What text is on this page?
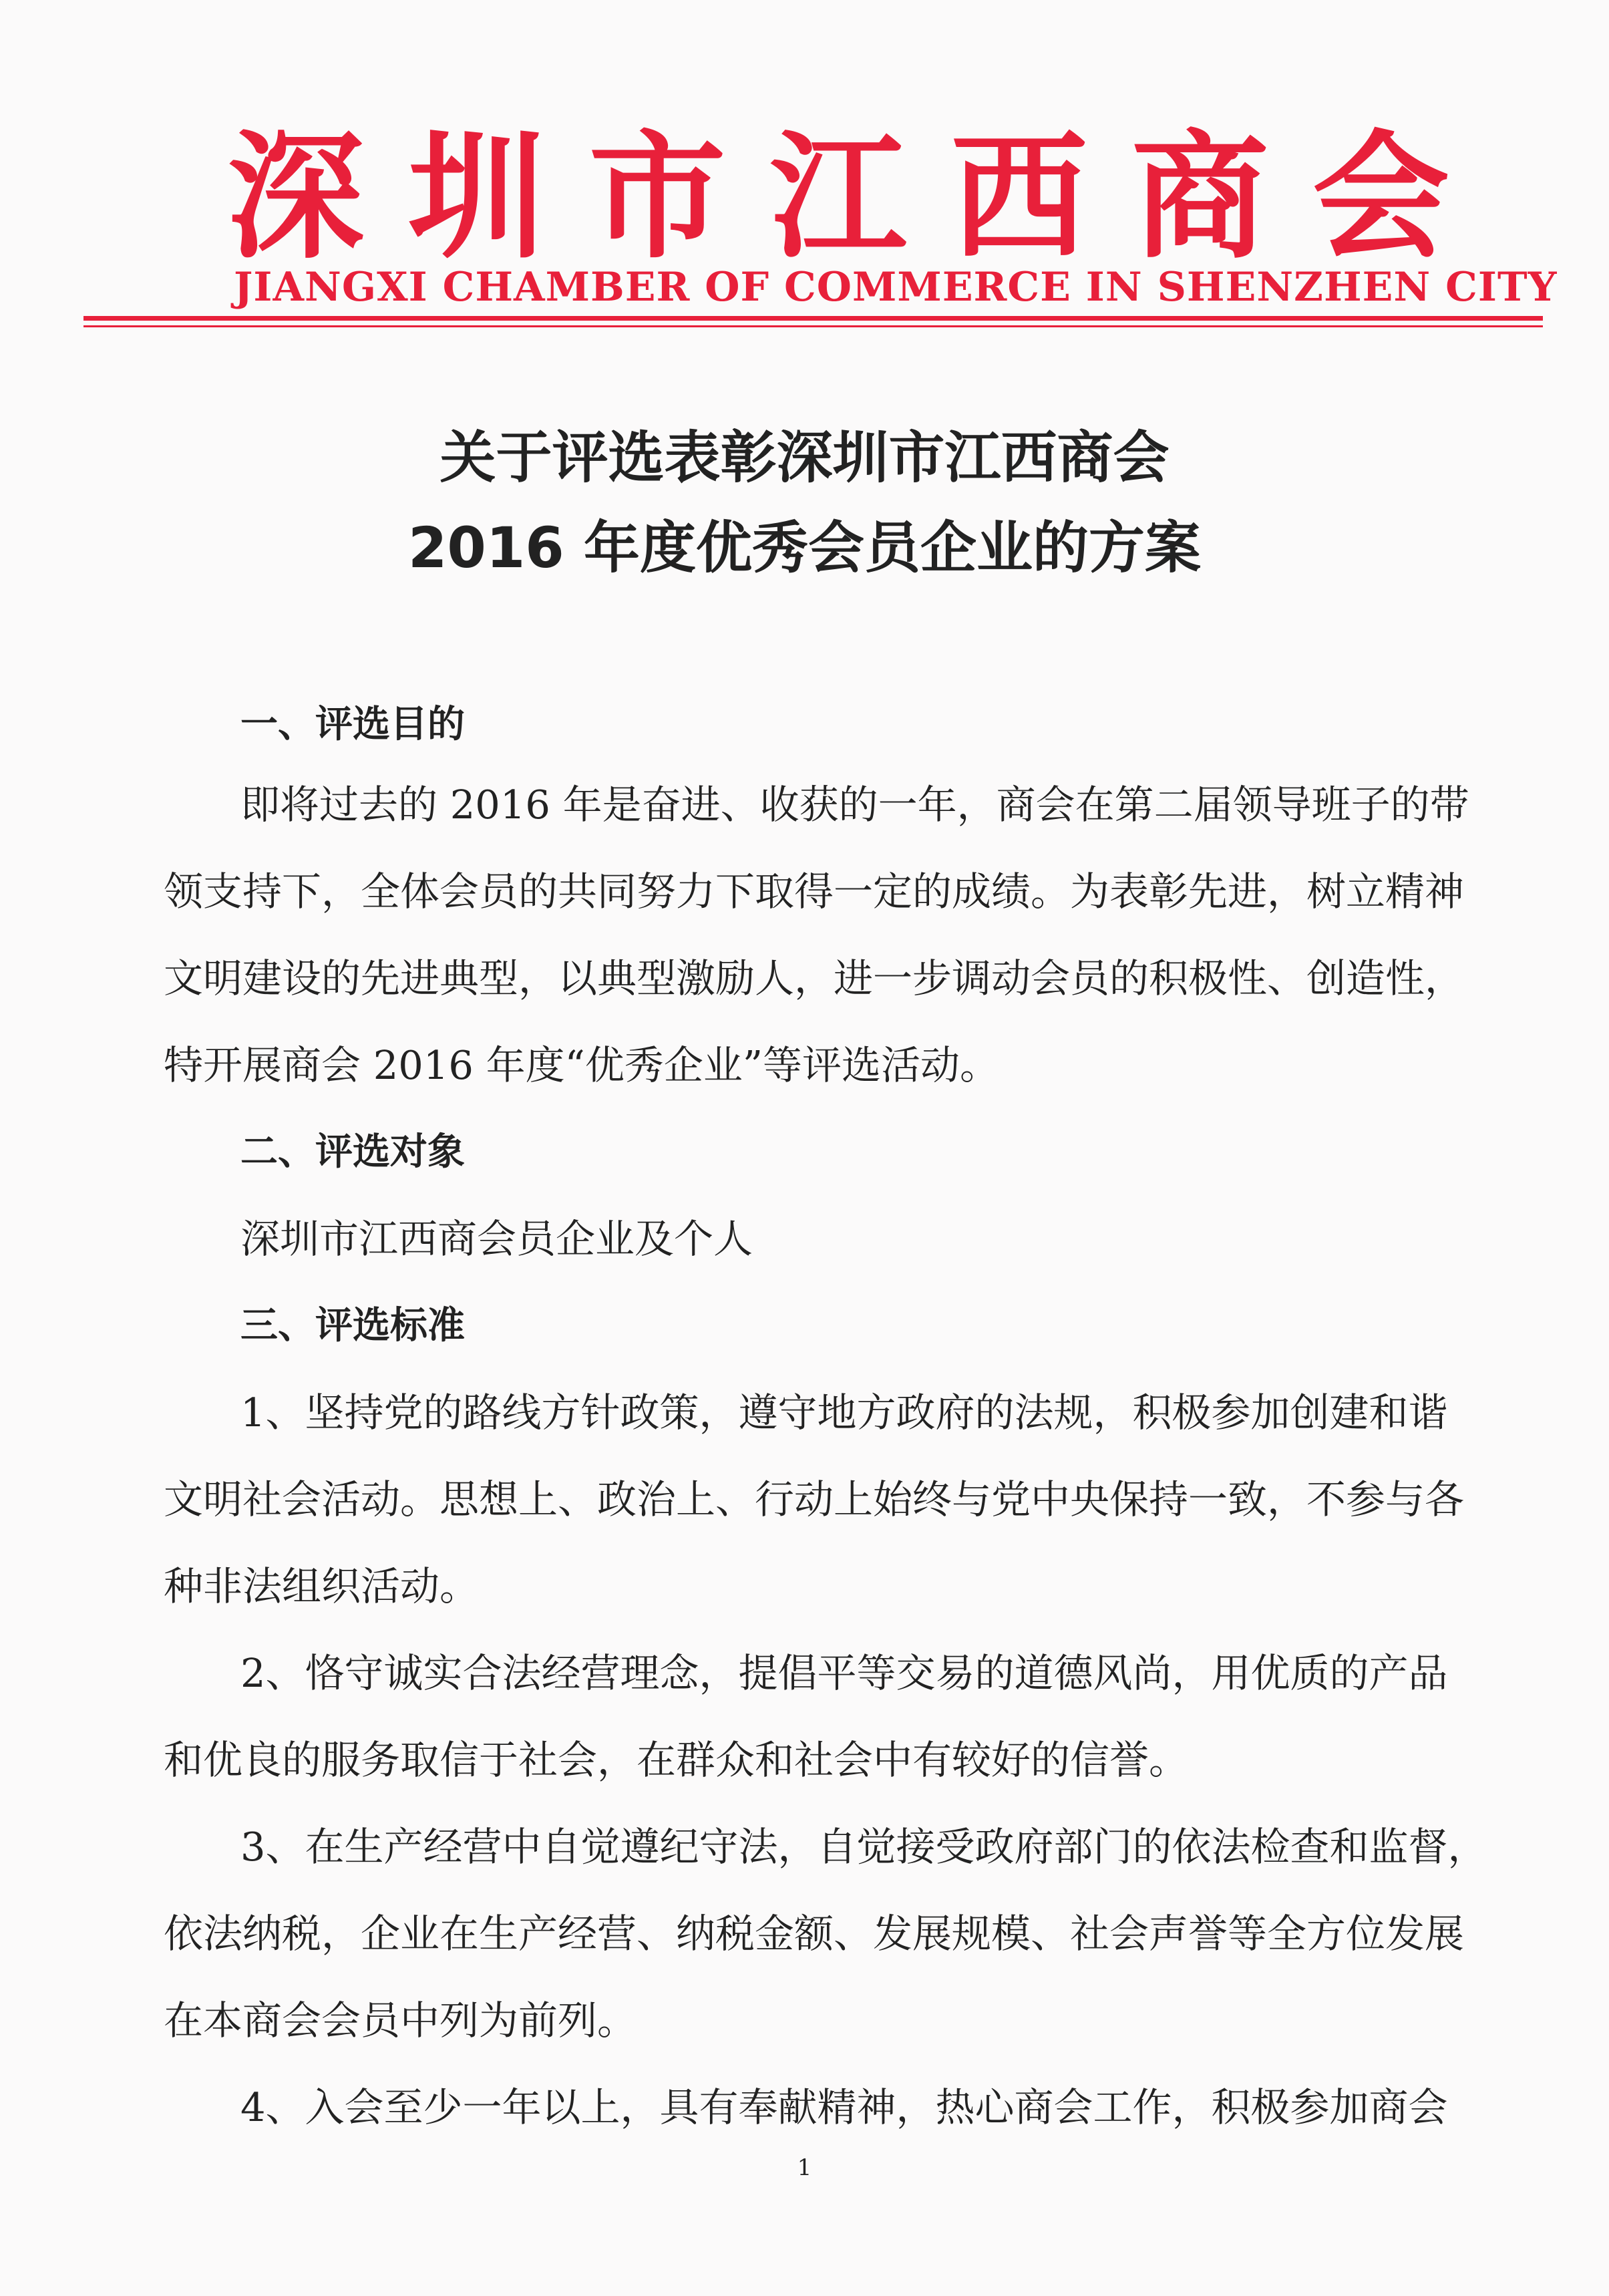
深 圳 市 江 西 商 会
JIANGXI CHAMBER OF COMMERCE IN SHENZHEN CITY
关于评选表彰深圳市江西商会
2016 年度优秀会员企业的方案
一、评选目的
即将过去的 2016 年是奋进、收获的一年，商会在第二届领导班子的带
领支持下，全体会员的共同努力下取得一定的成绩。为表彰先进，树立精神
文明建设的先进典型，以典型激励人，进一步调动会员的积极性、创造性，
特开展商会 2016 年度“优秀企业”等评选活动。
二、评选对象
深圳市江西商会员企业及个人
三、评选标准
1、坚持党的路线方针政策，遵守地方政府的法规，积极参加创建和谐
文明社会活动。思想上、政治上、行动上始终与党中央保持一致，不参与各
种非法组织活动。
2、恪守诚实合法经营理念，提倡平等交易的道德风尚，用优质的产品
和优良的服务取信于社会，在群众和社会中有较好的信誉。
3、在生产经营中自觉遵纪守法，自觉接受政府部门的依法检查和监督，
依法纳税，企业在生产经营、纳税金额、发展规模、社会声誉等全方位发展
在本商会会员中列为前列。
4、入会至少一年以上，具有奉献精神，热心商会工作，积极参加商会
1
